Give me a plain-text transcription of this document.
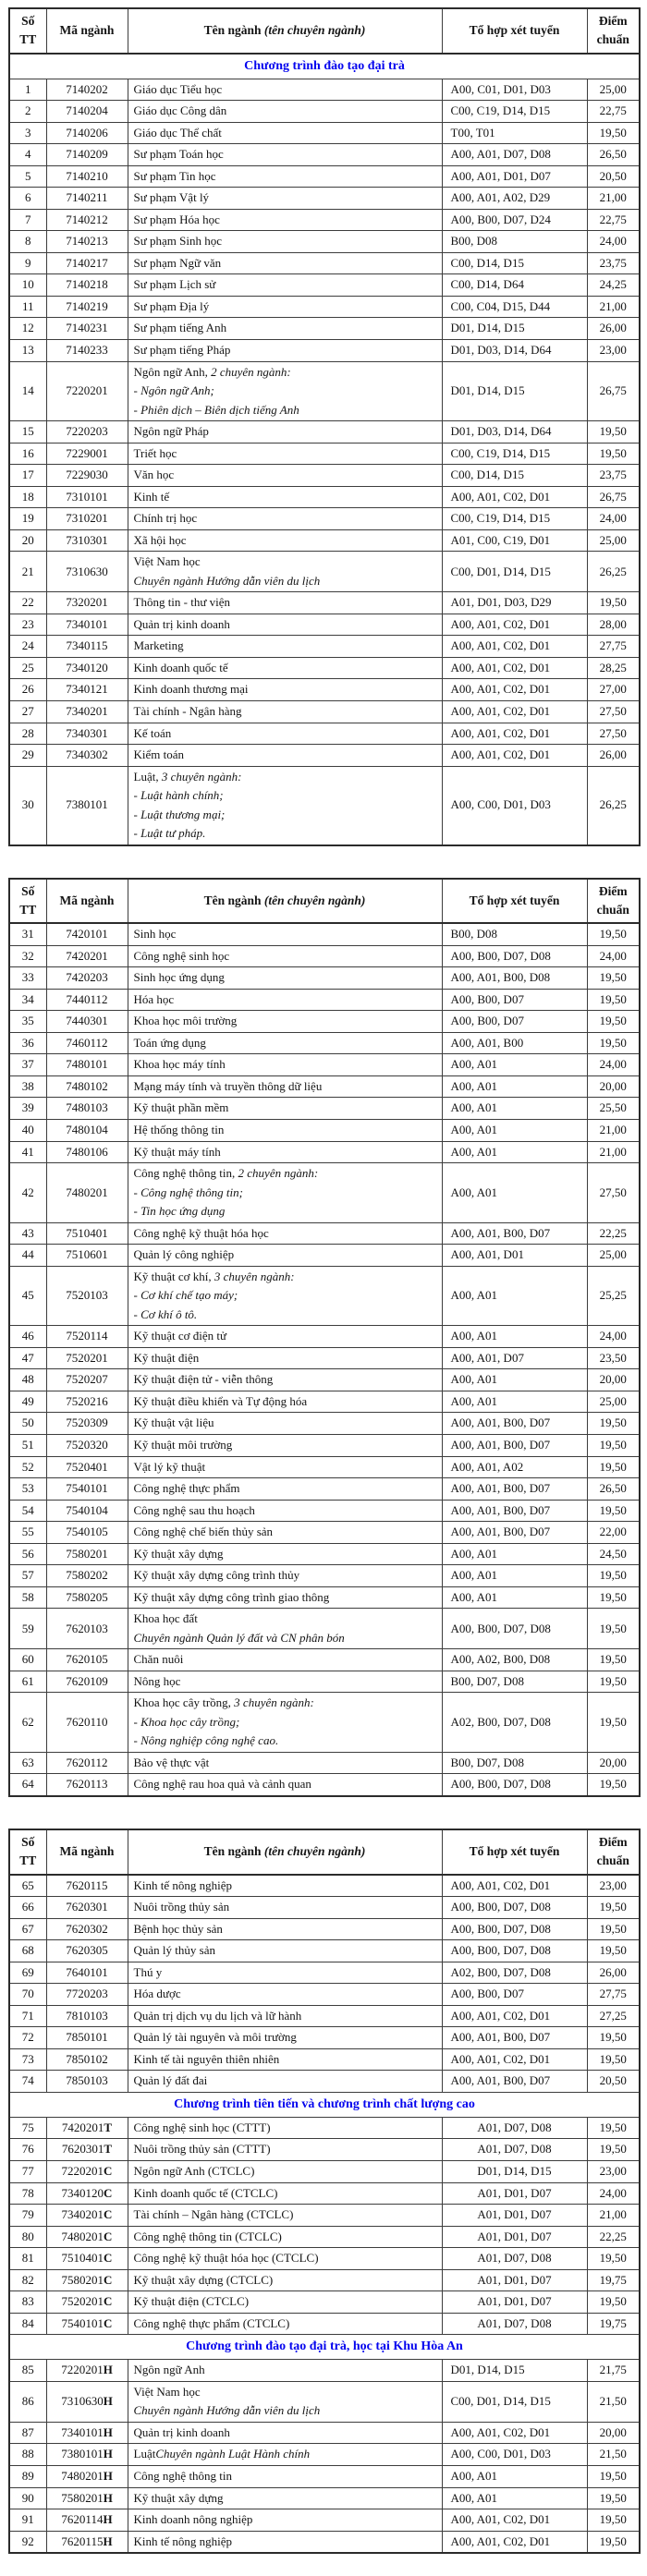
Số
TT	Mã ngành	Tên ngành (tên chuyên ngành)	Tổ hợp xét tuyển	Điểm
chuẩn
Chương trình đào tạo đại trà				
1	7140202	Giáo dục Tiểu học	A00, C01, D01, D03	25,00
2	7140204	Giáo dục Công dân	C00, C19, D14, D15	22,75
3	7140206	Giáo dục Thể chất	T00, T01	19,50
4	7140209	Sư phạm Toán học	A00, A01, D07, D08	26,50
5	7140210	Sư phạm Tin học	A00, A01, D01, D07	20,50
6	7140211	Sư phạm Vật lý	A00, A01, A02, D29	21,00
7	7140212	Sư phạm Hóa học	A00, B00, D07, D24	22,75
8	7140213	Sư phạm Sinh học	B00, D08	24,00
9	7140217	Sư phạm Ngữ văn	C00, D14, D15	23,75
10	7140218	Sư phạm Lịch sử	C00, D14, D64	24,25
11	7140219	Sư phạm Địa lý	C00, C04, D15, D44	21,00
12	7140231	Sư phạm tiếng Anh	D01, D14, D15	26,00
13	7140233	Sư phạm tiếng Pháp	D01, D03, D14, D64	23,00
14	7220201	Ngôn ngữ Anh, 2 chuyên ngành:
- Ngôn ngữ Anh;
- Phiên dịch – Biên dịch tiếng Anh	D01, D14, D15	26,75
15	7220203	Ngôn ngữ Pháp	D01, D03, D14, D64	19,50
16	7229001	Triết học	C00, C19, D14, D15	19,50
17	7229030	Văn học	C00, D14, D15	23,75
18	7310101	Kinh tế	A00, A01, C02, D01	26,75
19	7310201	Chính trị học	C00, C19, D14, D15	24,00
20	7310301	Xã hội học	A01, C00, C19, D01	25,00
21	7310630	Việt Nam học
Chuyên ngành Hướng dẫn viên du lịch	C00, D01, D14, D15	26,25
22	7320201	Thông tin - thư viện	A01, D01, D03, D29	19,50
23	7340101	Quản trị kinh doanh	A00, A01, C02, D01	28,00
24	7340115	Marketing	A00, A01, C02, D01	27,75
25	7340120	Kinh doanh quốc tế	A00, A01, C02, D01	28,25
26	7340121	Kinh doanh thương mại	A00, A01, C02, D01	27,00
27	7340201	Tài chính - Ngân hàng	A00, A01, C02, D01	27,50
28	7340301	Kế toán	A00, A01, C02, D01	27,50
29	7340302	Kiểm toán	A00, A01, C02, D01	26,00
30	7380101	Luật, 3 chuyên ngành:
- Luật hành chính;
- Luật thương mại;
- Luật tư pháp.	A00, C00, D01, D03	26,25
Số
TT	Mã ngành	Tên ngành (tên chuyên ngành)	Tổ hợp xét tuyển	Điểm
chuẩn
31	7420101	Sinh học	B00, D08	19,50
32	7420201	Công nghệ sinh học	A00, B00, D07, D08	24,00
33	7420203	Sinh học ứng dụng	A00, A01, B00, D08	19,50
34	7440112	Hóa học	A00, B00, D07	19,50
35	7440301	Khoa học môi trường	A00, B00, D07	19,50
36	7460112	Toán ứng dụng	A00, A01, B00	19,50
37	7480101	Khoa học máy tính	A00, A01	24,00
38	7480102	Mạng máy tính và truyền thông dữ liệu	A00, A01	20,00
39	7480103	Kỹ thuật phần mềm	A00, A01	25,50
40	7480104	Hệ thống thông tin	A00, A01	21,00
41	7480106	Kỹ thuật máy tính	A00, A01	21,00
42	7480201	Công nghệ thông tin, 2 chuyên ngành:
- Công nghệ thông tin;
- Tin học ứng dụng	A00, A01	27,50
43	7510401	Công nghệ kỹ thuật hóa học	A00, A01, B00, D07	22,25
44	7510601	Quản lý công nghiệp	A00, A01, D01	25,00
45	7520103	Kỹ thuật cơ khí, 3 chuyên ngành:
- Cơ khí chế tạo máy;
- Cơ khí ô tô.	A00, A01	25,25
46	7520114	Kỹ thuật cơ điện tử	A00, A01	24,00
47	7520201	Kỹ thuật điện	A00, A01, D07	23,50
48	7520207	Kỹ thuật điện tử - viễn thông	A00, A01	20,00
49	7520216	Kỹ thuật điều khiển và Tự động hóa	A00, A01	25,00
50	7520309	Kỹ thuật vật liệu	A00, A01, B00, D07	19,50
51	7520320	Kỹ thuật môi trường	A00, A01, B00, D07	19,50
52	7520401	Vật lý kỹ thuật	A00, A01, A02	19,50
53	7540101	Công nghệ thực phẩm	A00, A01, B00, D07	26,50
54	7540104	Công nghệ sau thu hoạch	A00, A01, B00, D07	19,50
55	7540105	Công nghệ chế biến thủy sản	A00, A01, B00, D07	22,00
56	7580201	Kỹ thuật xây dựng	A00, A01	24,50
57	7580202	Kỹ thuật xây dựng công trình thủy	A00, A01	19,50
58	7580205	Kỹ thuật xây dựng công trình giao thông	A00, A01	19,50
59	7620103	Khoa học đất
Chuyên ngành Quản lý đất và CN phân bón	A00, B00, D07, D08	19,50
60	7620105	Chăn nuôi	A00, A02, B00, D08	19,50
61	7620109	Nông học	B00, D07, D08	19,50
62	7620110	Khoa học cây trồng, 3 chuyên ngành:
- Khoa học cây trồng;
- Nông nghiệp công nghệ cao.	A02, B00, D07, D08	19,50
63	7620112	Bảo vệ thực vật	B00, D07, D08	20,00
64	7620113	Công nghệ rau hoa quả và cảnh quan	A00, B00, D07, D08	19,50
Số
TT	Mã ngành	Tên ngành (tên chuyên ngành)	Tổ hợp xét tuyển	Điểm
chuẩn
65	7620115	Kinh tế nông nghiệp	A00, A01, C02, D01	23,00
66	7620301	Nuôi trồng thủy sản	A00, B00, D07, D08	19,50
67	7620302	Bệnh học thủy sản	A00, B00, D07, D08	19,50
68	7620305	Quản lý thủy sản	A00, B00, D07, D08	19,50
69	7640101	Thú y	A02, B00, D07, D08	26,00
70	7720203	Hóa dược	A00, B00, D07	27,75
71	7810103	Quản trị dịch vụ du lịch và lữ hành	A00, A01, C02, D01	27,25
72	7850101	Quản lý tài nguyên và môi trường	A00, A01, B00, D07	19,50
73	7850102	Kinh tế tài nguyên thiên nhiên	A00, A01, C02, D01	19,50
74	7850103	Quản lý đất đai	A00, A01, B00, D07	20,50
Chương trình tiên tiến và chương trình chất lượng cao				
75	7420201T	Công nghệ sinh học (CTTT)	A01, D07, D08	19,50
76	7620301T	Nuôi trồng thủy sản (CTTT)	A01, D07, D08	19,50
77	7220201C	Ngôn ngữ Anh (CTCLC)	D01, D14, D15	23,00
78	7340120C	Kinh doanh quốc tế (CTCLC)	A01, D01, D07	24,00
79	7340201C	Tài chính – Ngân hàng (CTCLC)	A01, D01, D07	21,00
80	7480201C	Công nghệ thông tin (CTCLC)	A01, D01, D07	22,25
81	7510401C	Công nghệ kỹ thuật hóa học (CTCLC)	A01, D07, D08	19,50
82	7580201C	Kỹ thuật xây dựng (CTCLC)	A01, D01, D07	19,75
83	7520201C	Kỹ thuật điện (CTCLC)	A01, D01, D07	19,50
84	7540101C	Công nghệ thực phẩm (CTCLC)	A01, D07, D08	19,75
Chương trình đào tạo đại trà, học tại Khu Hòa An				
85	7220201H	Ngôn ngữ Anh	D01, D14, D15	21,75
86	7310630H	Việt Nam học
Chuyên ngành Hướng dẫn viên du lịch	C00, D01, D14, D15	21,50
87	7340101H	Quản trị kinh doanh	A00, A01, C02, D01	20,00
88	7380101H	LuậtChuyên ngành Luật Hành chính	A00, C00, D01, D03	21,50
89	7480201H	Công nghệ thông tin	A00, A01	19,50
90	7580201H	Kỹ thuật xây dựng	A00, A01	19,50
91	7620114H	Kinh doanh nông nghiệp	A00, A01, C02, D01	19,50
92	7620115H	Kinh tế nông nghiệp	A00, A01, C02, D01	19,50
